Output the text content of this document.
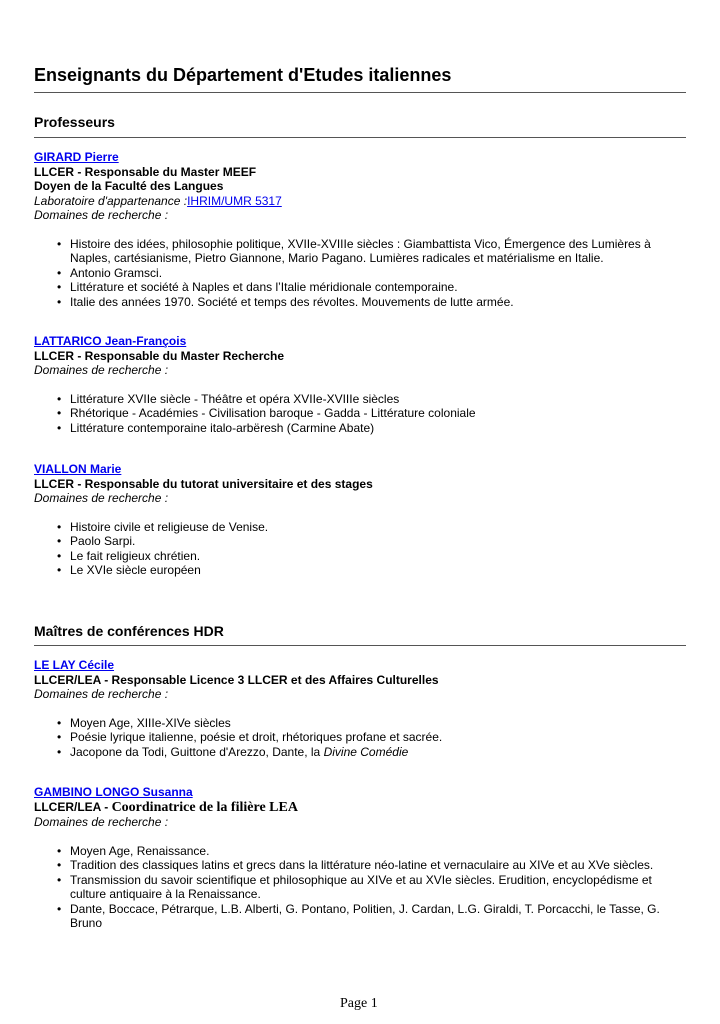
Enseignants du Département d'Etudes italiennes
Professeurs
GIRARD Pierre
LLCER - Responsable du Master MEEF
Doyen de la Faculté des Langues
Laboratoire d'appartenance :IHRIM/UMR 5317
Domaines de recherche :
• Histoire des idées, philosophie politique, XVIIe-XVIIIe siècles : Giambattista Vico, Émergence des Lumières à Naples, cartésianisme, Pietro Giannone, Mario Pagano. Lumières radicales et matérialisme en Italie.
• Antonio Gramsci.
• Littérature et société à Naples et dans l’Italie méridionale contemporaine.
• Italie des années 1970. Société et temps des révoltes. Mouvements de lutte armée.
LATTARICO Jean-François
LLCER - Responsable du Master Recherche
Domaines de recherche :
• Littérature XVIIe siècle - Théâtre et opéra XVIIe-XVIIIe siècles
• Rhétorique - Académies - Civilisation baroque - Gadda - Littérature coloniale
• Littérature contemporaine italo-arbëresh (Carmine Abate)
VIALLON Marie
LLCER - Responsable du tutorat universitaire et des stages
Domaines de recherche :
• Histoire civile et religieuse de Venise.
• Paolo Sarpi.
• Le fait religieux chrétien.
• Le XVIe siècle européen
Maîtres de conférences HDR
LE LAY Cécile
LLCER/LEA - Responsable Licence 3 LLCER et des Affaires Culturelles
Domaines de recherche :
• Moyen Age, XIIIe-XIVe siècles
• Poésie lyrique italienne, poésie et droit, rhétoriques profane et sacrée.
• Jacopone da Todi, Guittone d'Arezzo, Dante, la Divine Comédie
GAMBINO LONGO Susanna
LLCER/LEA - Coordinatrice de la filière LEA
Domaines de recherche :
• Moyen Age, Renaissance.
• Tradition des classiques latins et grecs dans la littérature néo-latine et vernaculaire au XIVe et au XVe siècles.
• Transmission du savoir scientifique et philosophique au XIVe et au XVIe siècles. Erudition, encyclopédisme et culture antiquaire à la Renaissance.
• Dante, Boccace, Pétrarque, L.B. Alberti, G. Pontano, Politien, J. Cardan, L.G. Giraldi, T. Porcacchi, le Tasse, G. Bruno
Page 1
